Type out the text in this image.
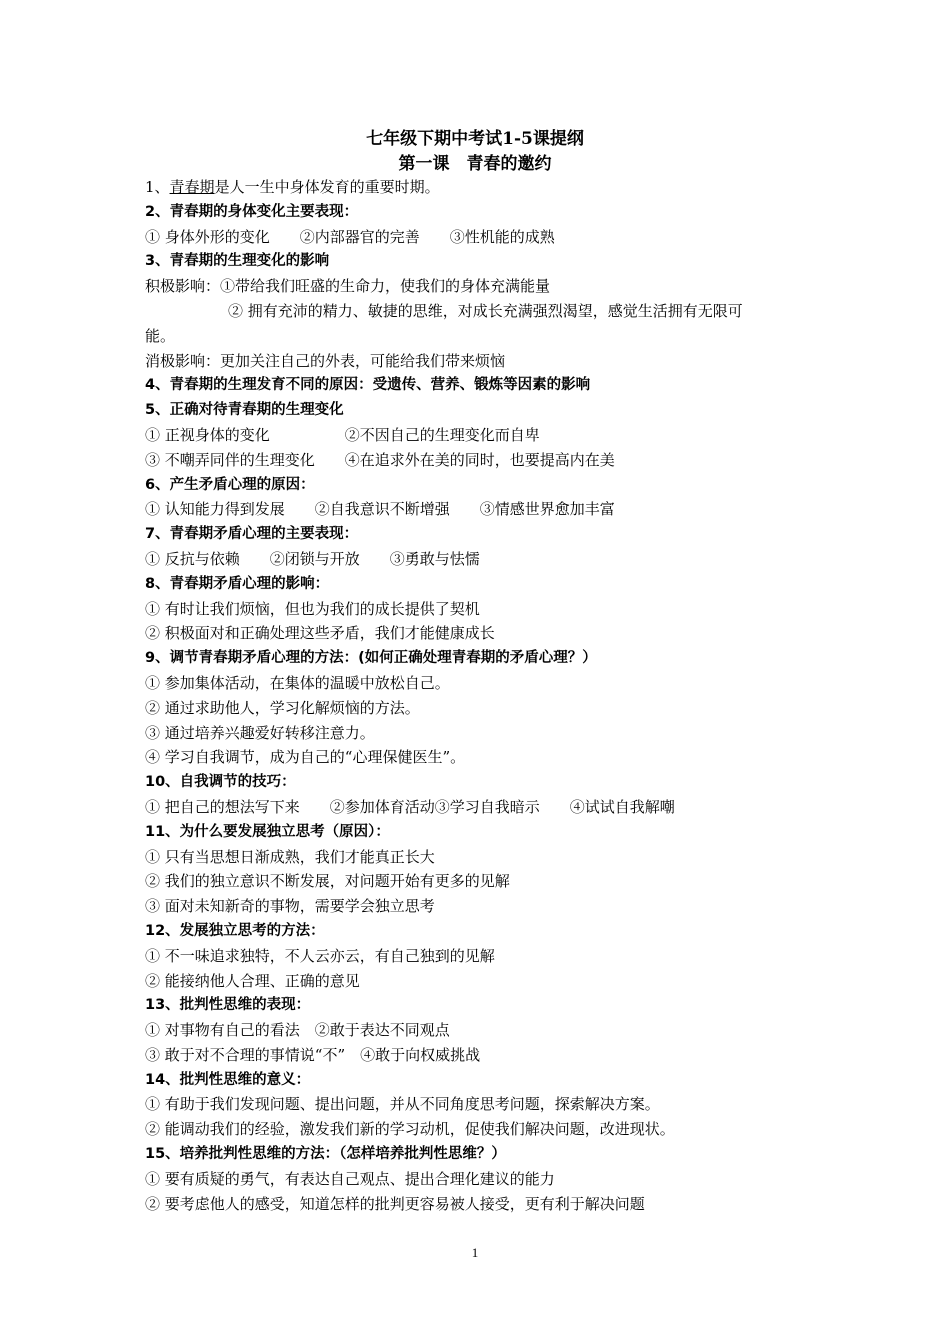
七年级下期中考试1-5课提纲
第一课　青春的邀约
1、青春期是人一生中身体发育的重要时期。
2、青春期的身体变化主要表现：
① 身体外形的变化　　②内部器官的完善　　③性机能的成熟
3、青春期的生理变化的影响
积极影响：①带给我们旺盛的生命力，使我们的身体充满能量
② 拥有充沛的精力、敏捷的思维，对成长充满强烈渴望，感觉生活拥有无限可
能。
消极影响：更加关注自己的外表，可能给我们带来烦恼
4、青春期的生理发育不同的原因：受遗传、营养、锻炼等因素的影响
5、正确对待青春期的生理变化
① 正视身体的变化　　　　　②不因自己的生理变化而自卑
③ 不嘲弄同伴的生理变化　　④在追求外在美的同时，也要提高内在美
6、产生矛盾心理的原因：
① 认知能力得到发展　　②自我意识不断增强　　③情感世界愈加丰富
7、青春期矛盾心理的主要表现：
① 反抗与依赖　　②闭锁与开放　　③勇敢与怯懦
8、青春期矛盾心理的影响：
① 有时让我们烦恼，但也为我们的成长提供了契机
② 积极面对和正确处理这些矛盾，我们才能健康成长
9、调节青春期矛盾心理的方法：(如何正确处理青春期的矛盾心理？）
① 参加集体活动，在集体的温暖中放松自己。
② 通过求助他人，学习化解烦恼的方法。
③ 通过培养兴趣爱好转移注意力。
④ 学习自我调节，成为自己的“心理保健医生”。
10、自我调节的技巧：
① 把自己的想法写下来　　②参加体育活动③学习自我暗示　　④试试自我解嘲
11、为什么要发展独立思考（原因）：
① 只有当思想日渐成熟，我们才能真正长大
② 我们的独立意识不断发展，对问题开始有更多的见解
③ 面对未知新奇的事物，需要学会独立思考
12、发展独立思考的方法：
① 不一味追求独特，不人云亦云，有自己独到的见解
② 能接纳他人合理、正确的意见
13、批判性思维的表现：
① 对事物有自己的看法　②敢于表达不同观点
③ 敢于对不合理的事情说“不”　④敢于向权威挑战
14、批判性思维的意义：
① 有助于我们发现问题、提出问题，并从不同角度思考问题，探索解决方案。
② 能调动我们的经验，激发我们新的学习动机，促使我们解决问题，改进现状。
15、培养批判性思维的方法：（怎样培养批判性思维？）
① 要有质疑的勇气，有表达自己观点、提出合理化建议的能力
② 要考虑他人的感受，知道怎样的批判更容易被人接受，更有利于解决问题
1
